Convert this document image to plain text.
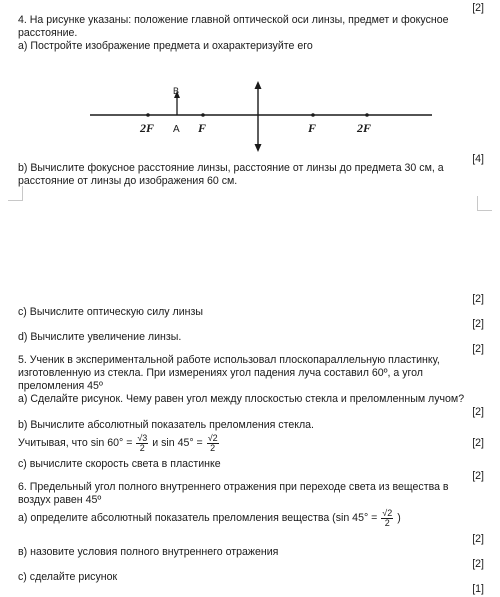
[2]
4. На рисунке указаны: положение главной оптической оси линзы, предмет и фокусное
расстояние.
а) Постройте изображение предмета и охарактеризуйте его
2F A F
B
F	2F
[4]
b) Вычислите фокусное расстояние линзы, расстояние от линзы до предмета 30 см, а
расстояние от линзы до изображения 60 см.
[2]
c) Вычислите оптическую силу линзы
[2]
d) Вычислите увеличение линзы.
[2]
5. Ученик в экспериментальной работе использовал плоскопараллельную пластинку,
изготовленную из стекла. При измерениях угол падения луча составил 60º, а угол
преломления 45º
а) Сделайте рисунок. Чему равен угол между плоскостью стекла и преломленным лучом?
[2]
b) Вычислите абсолютный показатель преломления стекла.
Учитывая, что $\sin 60^\circ = \frac{√3}{2}$ и $\sin 45^\circ = \frac{√2}{2}$	[2]
с) вычислите скорость света в пластинке
[2]
6. Предельный угол полного внутреннего отражения при переходе света из вещества в
воздух равен 45º
а) определите абсолютный показатель преломления вещества (sin $45^\circ = \frac{√2}{2}$ )
[2]
в) назовите условия полного внутреннего отражения
[2]
с) сделайте рисунок
[1]
